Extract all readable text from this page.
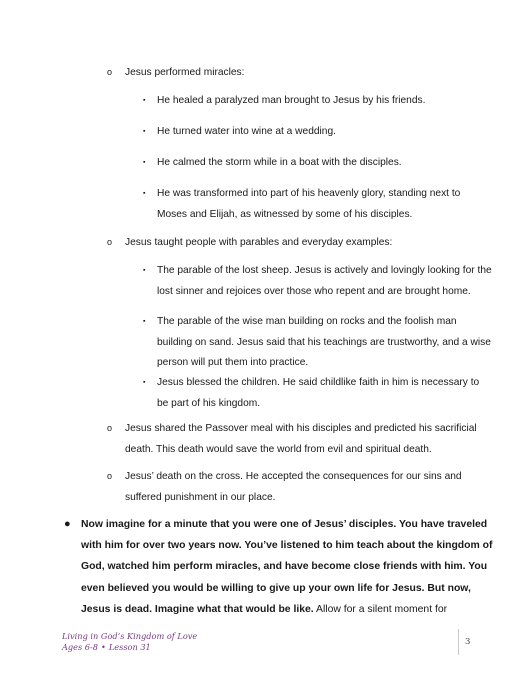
o Jesus performed miracles:
▪ He healed a paralyzed man brought to Jesus by his friends.
▪ He turned water into wine at a wedding.
▪ He calmed the storm while in a boat with the disciples.
▪ He was transformed into part of his heavenly glory, standing next to Moses and Elijah, as witnessed by some of his disciples.
o Jesus taught people with parables and everyday examples:
▪ The parable of the lost sheep. Jesus is actively and lovingly looking for the lost sinner and rejoices over those who repent and are brought home.
▪ The parable of the wise man building on rocks and the foolish man building on sand. Jesus said that his teachings are trustworthy, and a wise person will put them into practice.
▪ Jesus blessed the children. He said childlike faith in him is necessary to be part of his kingdom.
o Jesus shared the Passover meal with his disciples and predicted his sacrificial death. This death would save the world from evil and spiritual death.
o Jesus’ death on the cross. He accepted the consequences for our sins and suffered punishment in our place.
● Now imagine for a minute that you were one of Jesus’ disciples. You have traveled with him for over two years now. You’ve listened to him teach about the kingdom of God, watched him perform miracles, and have become close friends with him. You even believed you would be willing to give up your own life for Jesus. But now, Jesus is dead. Imagine what that would be like. Allow for a silent moment for
Living in God’s Kingdom of Love
Ages 6-8 • Lesson 31	3
